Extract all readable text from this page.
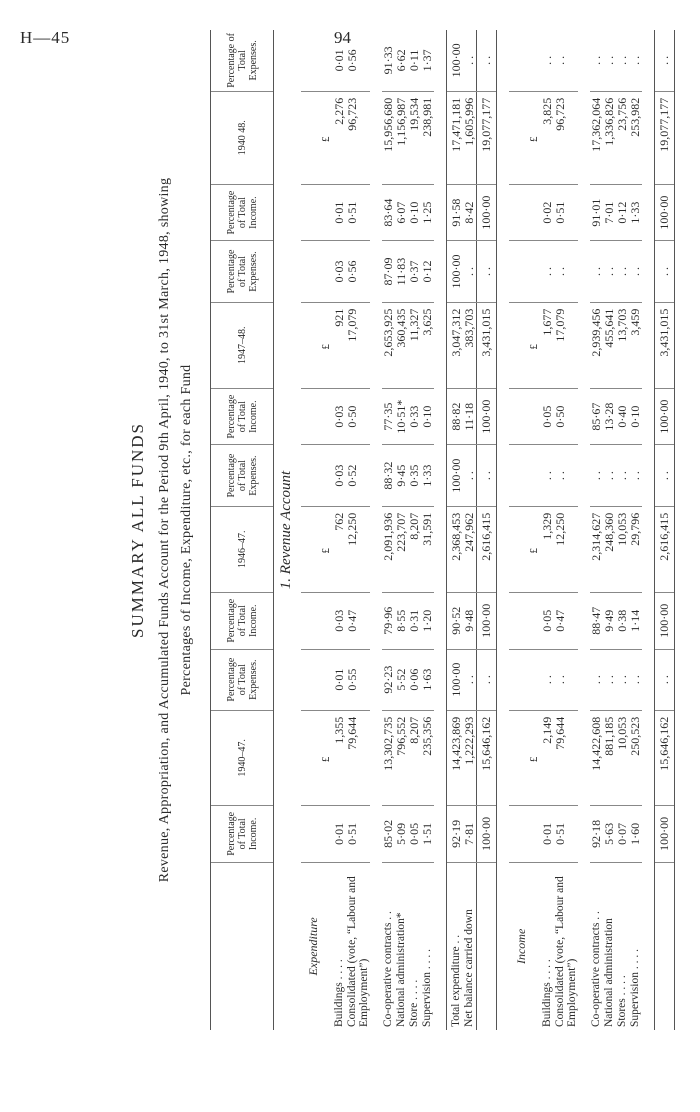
H—45	94
SUMMARY ALL FUNDS Revenue, Appropriation, and Accumulated Funds Account for the Period 9th April, 1940, to 31st March, 1948, showing Percentages of Income, Expenditure, etc., for each Fund
	Percentage of Total Income.	1940–47.	Percentage of Total Expenses.	Percentage of Total Income.	1946–47.	Percentage of Total Expenses.	Percentage of Total Income.	1947–48.	Percentage of Total Expenses.	Percentage of Total Income.	1940 48.	Percentage of Total Expenses.
1. Revenue Account												
Expenditure												
		£			£			£			£	
Buildings . . . .	0·01	1,355	0·01	0·03	762	0·03	0·03	921	0·03	0·01	2,276	0·01
Consolidated (vote, “Labour and Employment”)	0·51	79,644	0·55	0·47	12,250	0·52	0·50	17,079	0·56	0·51	96,723	0·56

Co-operative contracts . .	85·02	13,302,735	92·23	79·96	2,091,936	88·32	77·35	2,653,925	87·09	83·64	15,956,680	91·33
National administration*	5·09	796,552	5·52	8·55	223,707	9·45	10·51*	360,435	11·83	6·07	1,156,987	6·62
Store . . . .	0·05	8,207	0·06	0·31	8,207	0·35	0·33	11,327	0·37	0·10	19,534	0·11
Supervision . . . .	1·51	235,356	1·63	1·20	31,591	1·33	0·10	3,625	0·12	1·25	238,981	1·37

Total expenditure . .	92·19	14,423,869	100·00	90·52	2,368,453	100·00	88·82	3,047,312	100·00	91·58	17,471,181	100·00
Net balance carried down	7·81	1,222,293	. .	9·48	247,962	. .	11·18	383,703	. .	8·42	1,605,996	. .
	100·00	15,646,162	. .	100·00	2,616,415	. .	100·00	3,431,015	. .	100·00	19,077,177	. .

Income												
		£			£			£			£	
Buildings . . . .	0·01	2,149	. .	0·05	1,329	. .	0·05	1,677	. .	0·02	3,825	. .
Consolidated (vote, “Labour and Employment”)	0·51	79,644	. .	0·47	12,250	. .	0·50	17,079	. .	0·51	96,723	. .

Co-operative contracts . .	92·18	14,422,608	. .	88·47	2,314,627	. .	85·67	2,939,456	. .	91·01	17,362,064	. .
National administration	5·63	881,185	. .	9·49	248,360	. .	13·28	455,641	. .	7·01	1,336,826	. .
Stores . . . .	0·07	10,053	. .	0·38	10,053	. .	0·40	13,703	. .	0·12	23,756	. .
Supervision . . . .	1·60	250,523	. .	1·14	29,796	. .	0·10	3,459	. .	1·33	253,982	. .

	100·00	15,646,162	. .	100·00	2,616,415	. .	100·00	3,431,015	. .	100·00	19,077,177	. .
